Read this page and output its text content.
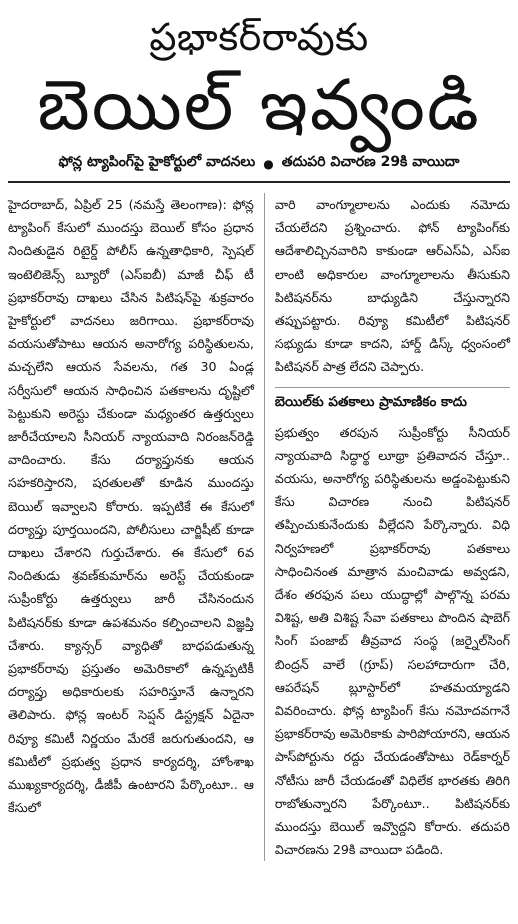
ప్రభాకర్‌రావుకు
బెయిల్ ఇవ్వండి
ఫోన్ల ట్యాపింగ్‌పై హైకోర్టులో వాదనలు ● తదుపరి విచారణ 29కి వాయిదా

హైదరాబాద్, ఏప్రిల్ 25 (నమస్తే తెలంగాణ): ఫోన్ల ట్యాపింగ్ కేసులో ముందస్తు బెయిల్ కోసం ప్రధాన నిందితుడైన రిటైర్డ్ పోలీస్ ఉన్నతాధికారి, స్పెషల్ ఇంటెలిజెన్స్ బ్యూరో (ఎస్ఐబీ) మాజీ చీఫ్ టీ ప్రభాకర్‌రావు దాఖలు చేసిన పిటిషన్‌పై శుక్రవారం హైకోర్టులో వాదనలు జరిగాయి. ప్రభాకర్‌రావు వయసుతోపాటు ఆయన అనారోగ్య పరిస్థితులను, మచ్చలేని ఆయన సేవలను, గత 30 ఏండ్ల సర్వీసులో ఆయన సాధించిన పతకాలను దృష్టిలో పెట్టుకుని అరెస్టు చేకుండా మధ్యంతర ఉత్తర్వులు జారీచేయాలని సీనియర్ న్యాయవాది నిరంజన్‌రెడ్డి వాదించారు. కేసు దర్యాప్తునకు ఆయన సహకరిస్తారని, షరతులతో కూడిన ముందస్తు బెయిల్ ఇవ్వాలని కోరారు. ఇప్పటికే ఈ కేసులో దర్యాప్తు పూర్తయిందని, పోలీసులు చార్జిషీట్ కూడా దాఖలు చేశారని గుర్తుచేశారు. ఈ కేసులో 6వ నిందితుడు శ్రవణ్‌కుమార్‌ను అరెస్ట్ చేయకుండా సుప్రీంకోర్టు ఉత్తర్వులు జారీ చేసినందున పిటిషనర్‌కు కూడా ఉపశమనం కల్పించాలని విజ్ఞప్తి చేశారు. క్యాన్సర్ వ్యాధితో బాధపడుతున్న ప్రభాకర్‌రావు ప్రస్తుతం అమెరికాలో ఉన్నప్పటికీ దర్యాప్తు అధికారులకు సహరిస్తూనే ఉన్నారని తెలిపారు. ఫోన్ల ఇంటర్ సెప్షన్ డిస్ట్రక్షన్ ఏదైనా రివ్యూ కమిటీ నిర్ణయం మేరకే జరుగుతుందని, ఆ కమిటీలో ప్రభుత్వ ప్రధాన కార్యదర్శి, హోంశాఖ ముఖ్యకార్యదర్శి, డీజీపీ ఉంటారని పేర్కొంటూ.. ఆ కేసులో

వారి వాంగ్మూలాలను ఎందుకు నమోదు చేయలేదని ప్రశ్నించారు. ఫోన్ ట్యాపింగ్‌కు ఆదేశాలిచ్చినవారిని కాకుండా ఆర్ఎస్ఏ, ఎస్ఐ లాంటి అధికారుల వాంగ్మూలాలను తీసుకుని పిటిషనర్‌ను బాధ్యుడిని చేస్తున్నారని తప్పుపట్టారు. రివ్యూ కమిటీలో పిటిషనర్ సభ్యుడు కూడా కాదని, హార్డ్ డిస్క్ ధ్వంసంలో పిటిషనర్ పాత్ర లేదని చెప్పారు.

బెయిల్‌కు పతకాలు ప్రామాణికం కాదు

ప్రభుత్వం తరపున సుప్రీంకోర్టు సీనియర్ న్యాయవాది సిద్ధార్థ లూథ్రా ప్రతివాదన చేస్తూ.. వయసు, అనారోగ్య పరిస్థితులను అడ్డంపెట్టుకుని కేసు విచారణ నుంచి పిటిషనర్ తప్పించుకునేందుకు వీల్లేదని పేర్కొన్నారు. విధి నిర్వహణలో ప్రభాకర్‌రావు పతకాలు సాధించినంత మాత్రాన మంచివాడు అవ్వడని, దేశం తరఫున పలు యుద్ధాల్లో పాల్గొన్న పరమ విశిష్ట, అతి విశిష్ట సేవా పతకాలు పొందిన షాబెగ్ సింగ్ పంజాబ్ తీవ్రవాద సంస్థ (జర్నైల్‌సింగ్ బింద్రన్ వాలే (గ్రూప్) సలహాదారుగా చేరి, ఆపరేషన్ బ్లూస్టార్‌లో హతమయ్యాడని వివరించారు. ఫోన్ల ట్యాపింగ్ కేసు నమోదవగానే ప్రభాకర్‌రావు అమెరికాకు పారిపోయారని, ఆయన పాస్‌పోర్టును రద్దు చేయడంతోపాటు రెడ్‌కార్నర్ నోటీసు జారీ చేయడంతో విధిలేక భారతకు తిరిగి రాబోతున్నారని పేర్కొంటూ.. పిటిషనర్‌కు ముందస్తు బెయిల్ ఇవ్వొద్దని కోరారు. తదుపరి విచారణను 29కి వాయిదా పడింది.
